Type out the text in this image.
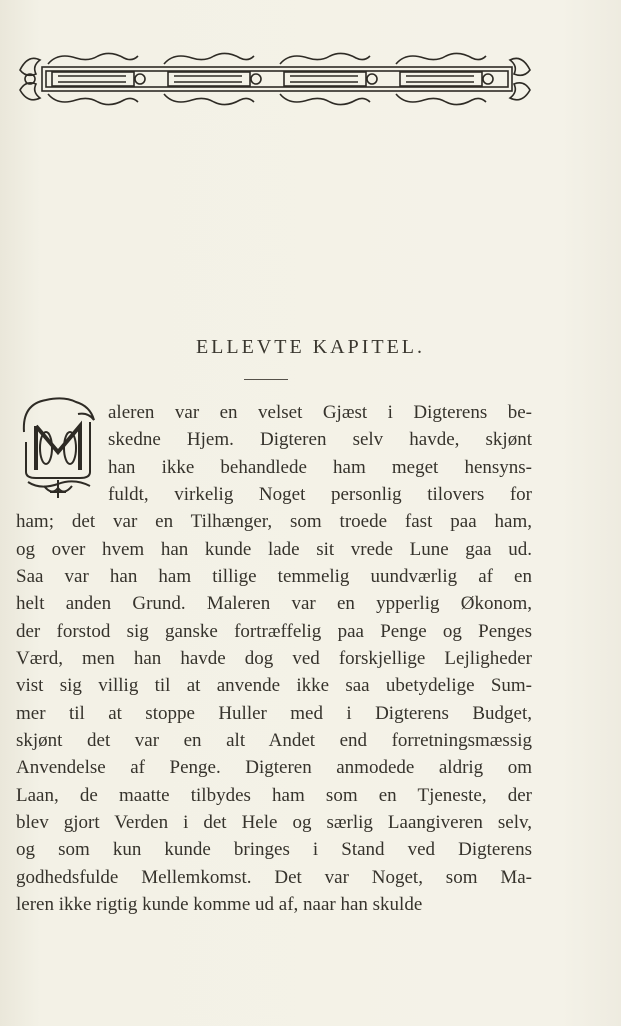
ELLEVTE KAPITEL.
aleren var en velset Gjæst i Digterens be-
skedne Hjem. Digteren selv havde, skjønt
han ikke behandlede ham meget hensyns-
fuldt, virkelig Noget personlig tilovers for
ham; det var en Tilhænger, som troede fast paa ham,
og over hvem han kunde lade sit vrede Lune gaa ud.
Saa var han ham tillige temmelig uundværlig af en
helt anden Grund. Maleren var en ypperlig Økonom,
der forstod sig ganske fortræffelig paa Penge og Penges
Værd, men han havde dog ved forskjellige Lejligheder
vist sig villig til at anvende ikke saa ubetydelige Sum-
mer til at stoppe Huller med i Digterens Budget,
skjønt det var en alt Andet end forretningsmæssig
Anvendelse af Penge. Digteren anmodede aldrig om
Laan, de maatte tilbydes ham som en Tjeneste, der
blev gjort Verden i det Hele og særlig Laangiveren selv,
og som kun kunde bringes i Stand ved Digterens
godhedsfulde Mellemkomst. Det var Noget, som Ma-
leren ikke rigtig kunde komme ud af, naar han skulde
